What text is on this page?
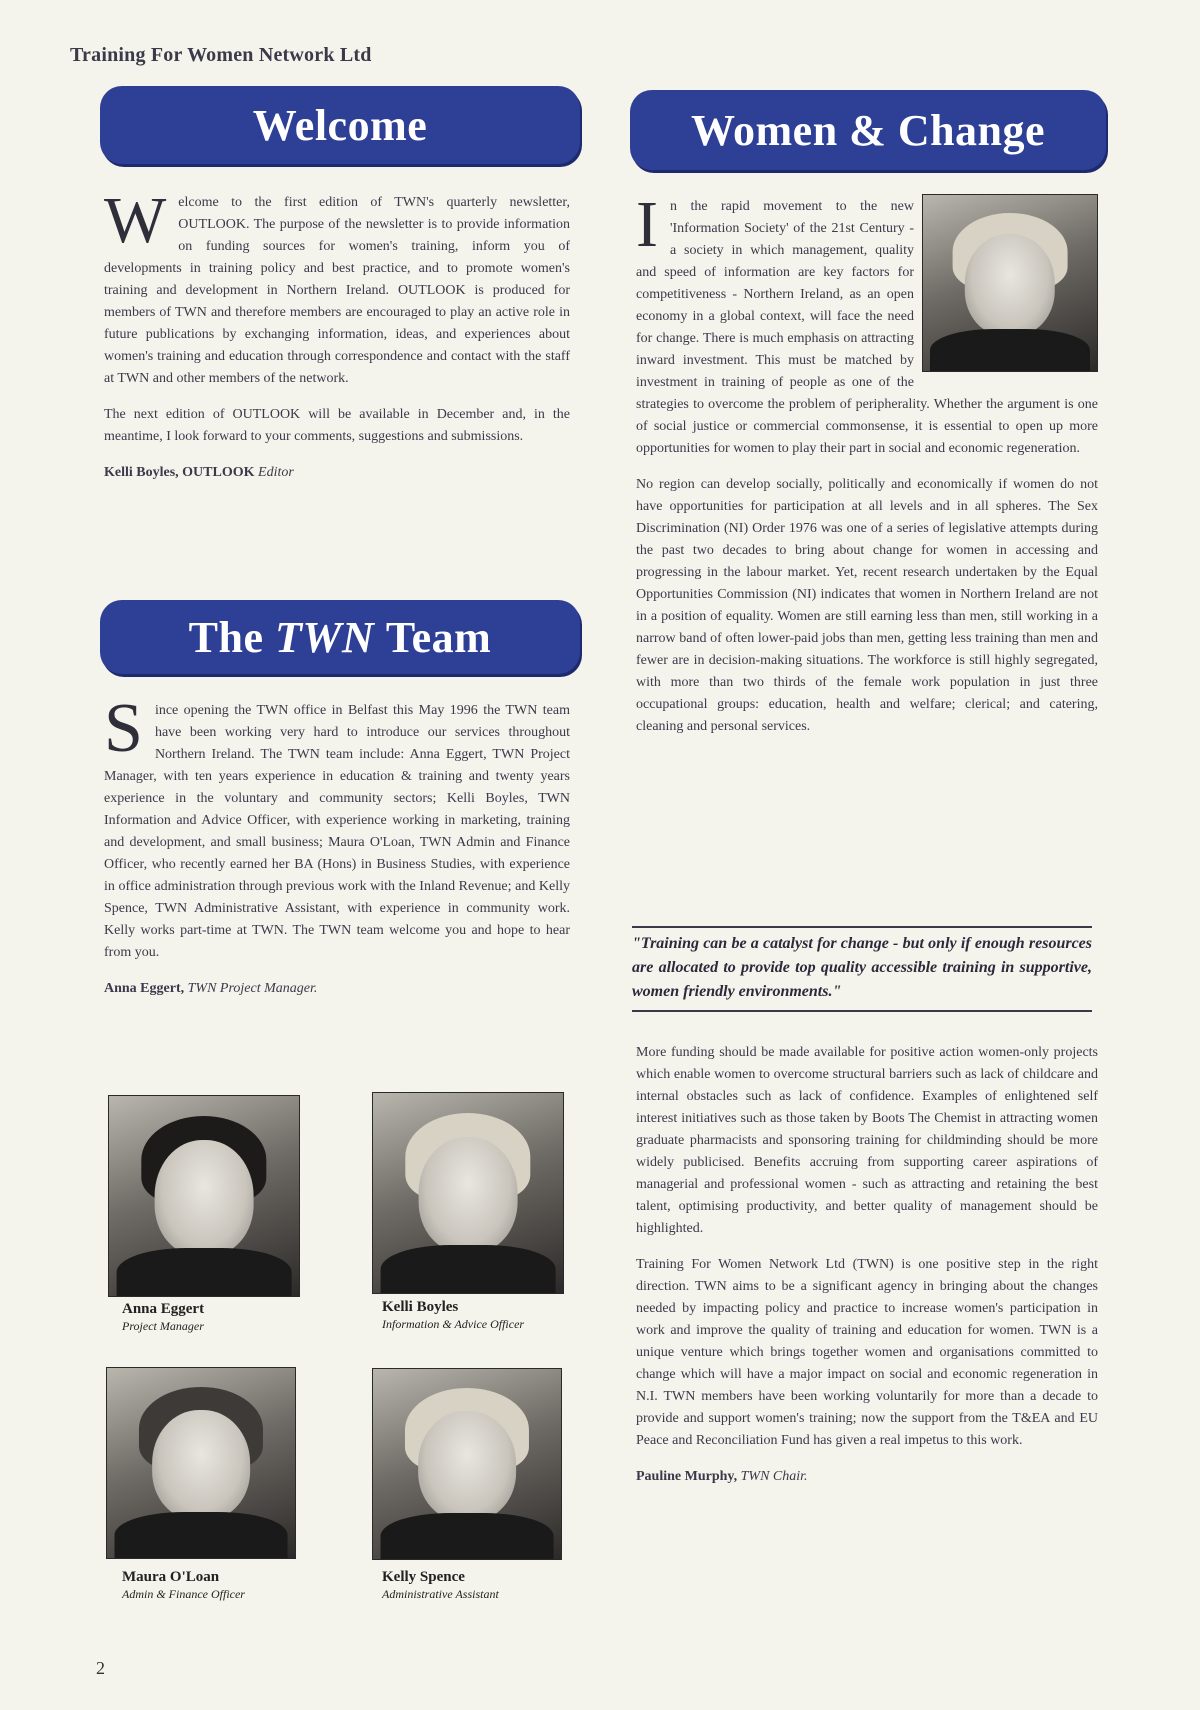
Training For Women Network Ltd
Welcome

Welcome to the first edition of TWN's quarterly newsletter, OUTLOOK. The purpose of the newsletter is to provide information on funding sources for women's training, inform you of developments in training policy and best practice, and to promote women's training and development in Northern Ireland. OUTLOOK is produced for members of TWN and therefore members are encouraged to play an active role in future publications by exchanging information, ideas, and experiences about women's training and education through correspondence and contact with the staff at TWN and other members of the network.

The next edition of OUTLOOK will be available in December and, in the meantime, I look forward to your comments, suggestions and submissions.

Kelli Boyles, OUTLOOK Editor
The
TWN
Team

Since opening the TWN office in Belfast this May 1996 the TWN team have been working very hard to introduce our services throughout Northern Ireland. The TWN team include: Anna Eggert, TWN Project Manager, with ten years experience in education & training and twenty years experience in the voluntary and community sectors; Kelli Boyles, TWN Information and Advice Officer, with experience working in marketing, training and development, and small business; Maura O'Loan, TWN Admin and Finance Officer, who recently earned her BA (Hons) in Business Studies, with experience in office administration through previous work with the Inland Revenue; and Kelly Spence, TWN Administrative Assistant, with experience in community work. Kelly works part-time at TWN. The TWN team welcome you and hope to hear from you.

Anna Eggert, TWN Project Manager.
Anna Eggert
Project Manager
Kelli Boyles
Information & Advice Officer
Maura O'Loan
Admin & Finance Officer
Kelly Spence
Administrative Assistant
Women & Change

In the rapid movement to the new 'Information Society' of the 21st Century - a society in which management, quality and speed of information are key factors for competitiveness - Northern Ireland, as an open economy in a global context, will face the need for change. There is much emphasis on attracting inward investment. This must be matched by investment in training of people as one of the strategies to overcome the problem of peripherality. Whether the argument is one of social justice or commercial commonsense, it is essential to open up more opportunities for women to play their part in social and economic regeneration.

No region can develop socially, politically and economically if women do not have opportunities for participation at all levels and in all spheres. The Sex Discrimination (NI) Order 1976 was one of a series of legislative attempts during the past two decades to bring about change for women in accessing and progressing in the labour market. Yet, recent research undertaken by the Equal Opportunities Commission (NI) indicates that women in Northern Ireland are not in a position of equality. Women are still earning less than men, still working in a narrow band of often lower-paid jobs than men, getting less training than men and fewer are in decision-making situations. The workforce is still highly segregated, with more than two thirds of the female work population in just three occupational groups: education, health and welfare; clerical; and catering, cleaning and personal services.

"Training can be a catalyst for change - but only if enough resources are allocated to provide top quality accessible training in supportive, women friendly environments."

More funding should be made available for positive action women-only projects which enable women to overcome structural barriers such as lack of childcare and internal obstacles such as lack of confidence. Examples of enlightened self interest initiatives such as those taken by Boots The Chemist in attracting women graduate pharmacists and sponsoring training for childminding should be more widely publicised. Benefits accruing from supporting career aspirations of managerial and professional women - such as attracting and retaining the best talent, optimising productivity, and better quality of management should be highlighted.

Training For Women Network Ltd (TWN) is one positive step in the right direction. TWN aims to be a significant agency in bringing about the changes needed by impacting policy and practice to increase women's participation in work and improve the quality of training and education for women. TWN is a unique venture which brings together women and organisations committed to change which will have a major impact on social and economic regeneration in N.I. TWN members have been working voluntarily for more than a decade to provide and support women's training; now the support from the T&EA and EU Peace and Reconciliation Fund has given a real impetus to this work.

Pauline Murphy, TWN Chair.
2
